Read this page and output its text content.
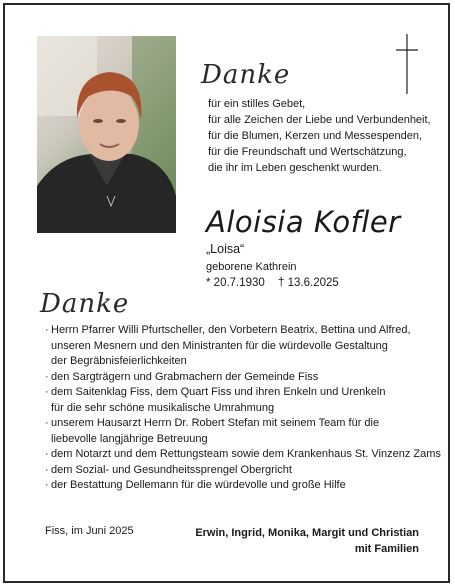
Danke
für ein stilles Gebet,
für alle Zeichen der Liebe und Verbundenheit,
für die Blumen, Kerzen und Messespenden,
für die Freundschaft und Wertschätzung,
die ihr im Leben geschenkt wurden.
Aloisia Kofler
„Loisa“
geborene Kathrein
* 20.7.1930 † 13.6.2025
Danke
· Herrn Pfarrer Willi Pfurtscheller, den Vorbetern Beatrix, Bettina und Alfred,
unseren Mesnern und den Ministranten für die würdevolle Gestaltung
der Begräbnisfeierlichkeiten
· den Sargträgern und Grabmachern der Gemeinde Fiss
· dem Saitenklag Fiss, dem Quart Fiss und ihren Enkeln und Urenkeln
für die sehr schöne musikalische Umrahmung
· unserem Hausarzt Herrn Dr. Robert Stefan mit seinem Team für die
liebevolle langjährige Betreuung
· dem Notarzt und dem Rettungsteam sowie dem Krankenhaus St. Vinzenz Zams
· dem Sozial- und Gesundheitssprengel Obergricht
· der Bestattung Dellemann für die würdevolle und große Hilfe
Fiss, im Juni 2025	Erwin, Ingrid, Monika, Margit und Christian
mit Familien
